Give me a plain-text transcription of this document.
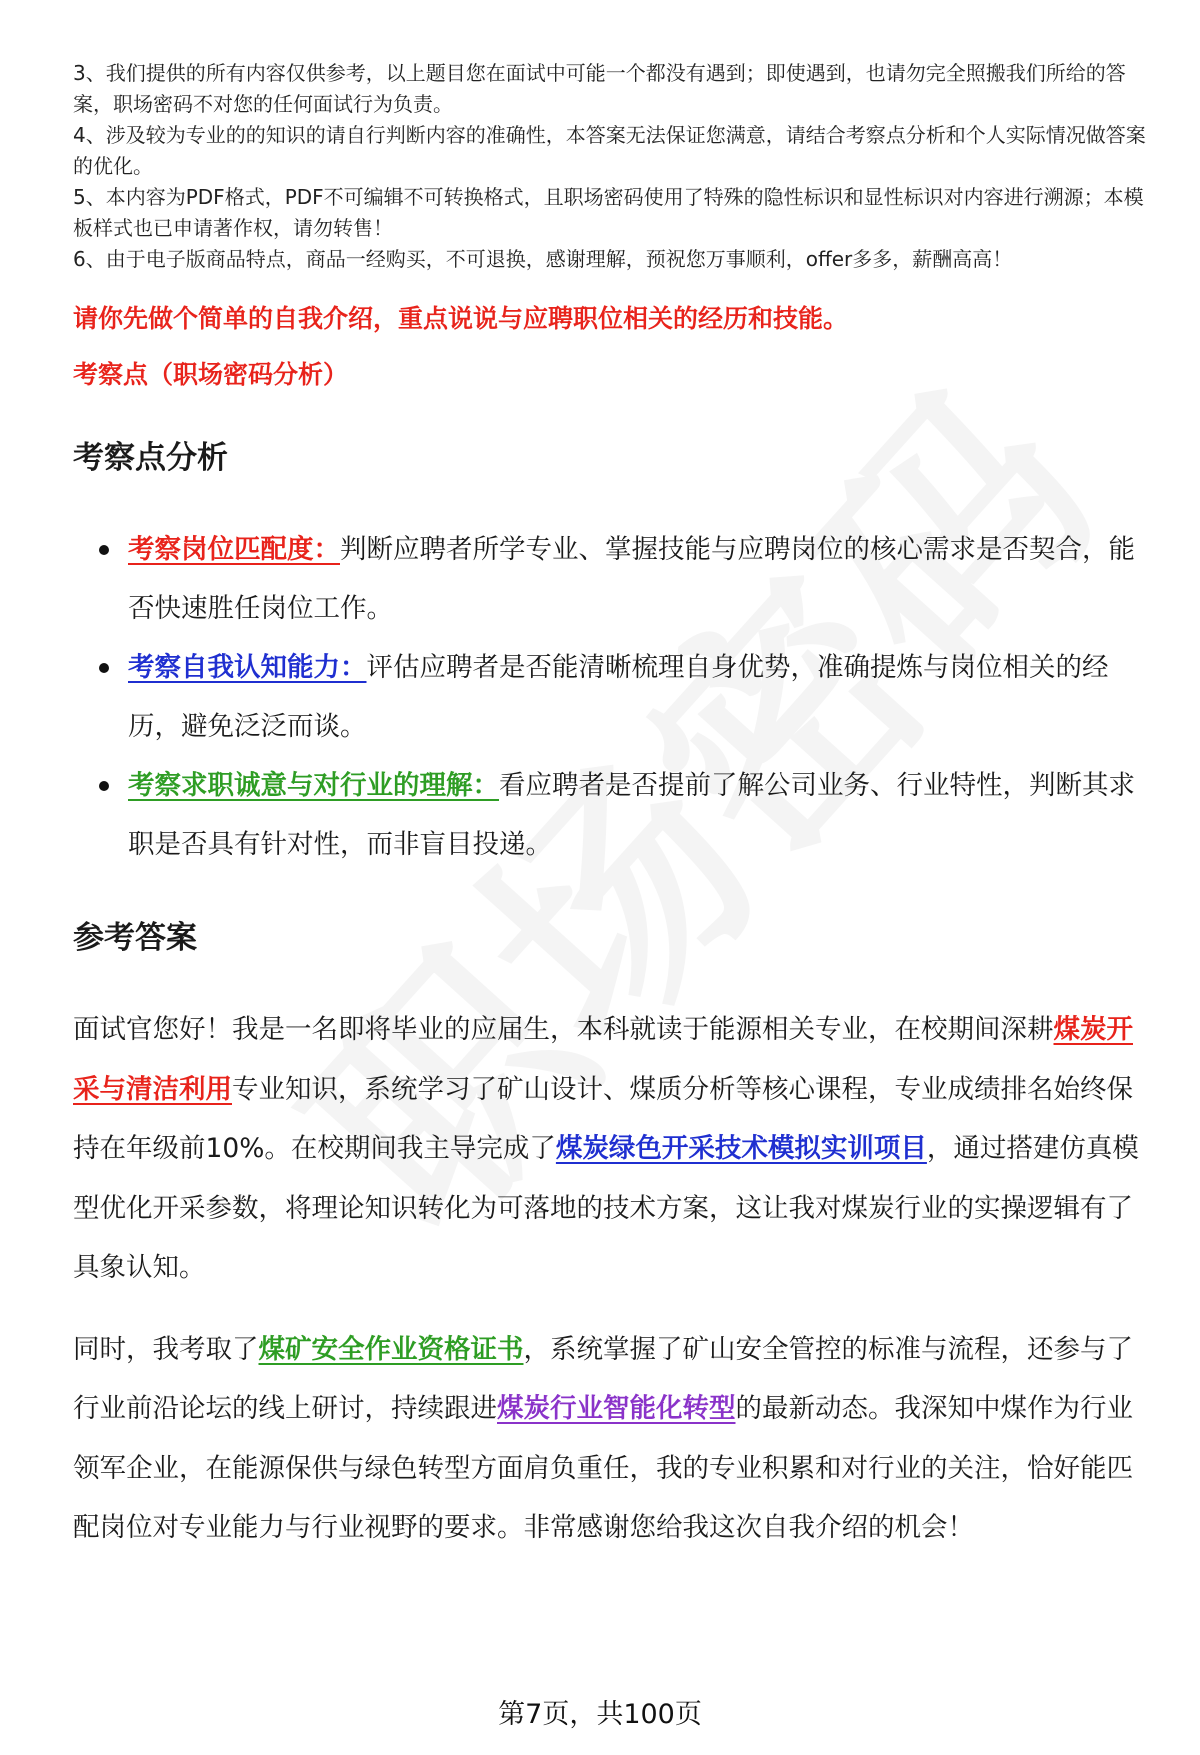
3、我们提供的所有内容仅供参考，以上题目您在面试中可能一个都没有遇到；即使遇到，也请勿完全照搬我们所给的答案，职场密码不对您的任何面试行为负责。

4、涉及较为专业的的知识的请自行判断内容的准确性，本答案无法保证您满意，请结合考察点分析和个人实际情况做答案的优化。

5、本内容为PDF格式，PDF不可编辑不可转换格式，且职场密码使用了特殊的隐性标识和显性标识对内容进行溯源；本模板样式也已申请著作权，请勿转售！

6、由于电子版商品特点，商品一经购买，不可退换，感谢理解，预祝您万事顺利，offer多多，薪酬高高！

请你先做个简单的自我介绍，重点说说与应聘职位相关的经历和技能。
考察点（职场密码分析）
考察点分析
考察岗位匹配度：判断应聘者所学专业、掌握技能与应聘岗位的核心需求是否契合，能否快速胜任岗位工作。
考察自我认知能力：评估应聘者是否能清晰梳理自身优势，准确提炼与岗位相关的经历，避免泛泛而谈。
考察求职诚意与对行业的理解：看应聘者是否提前了解公司业务、行业特性，判断其求职是否具有针对性，而非盲目投递。
参考答案

面试官您好！我是一名即将毕业的应届生，本科就读于能源相关专业，在校期间深耕煤炭开采与清洁利用专业知识，系统学习了矿山设计、煤质分析等核心课程，专业成绩排名始终保持在年级前10%。在校期间我主导完成了煤炭绿色开采技术模拟实训项目，通过搭建仿真模型优化开采参数，将理论知识转化为可落地的技术方案，这让我对煤炭行业的实操逻辑有了具象认知。

同时，我考取了煤矿安全作业资格证书，系统掌握了矿山安全管控的标准与流程，还参与了行业前沿论坛的线上研讨，持续跟进煤炭行业智能化转型的最新动态。我深知中煤作为行业领军企业，在能源保供与绿色转型方面肩负重任，我的专业积累和对行业的关注，恰好能匹配岗位对专业能力与行业视野的要求。非常感谢您给我这次自我介绍的机会！

第7页，共100页
